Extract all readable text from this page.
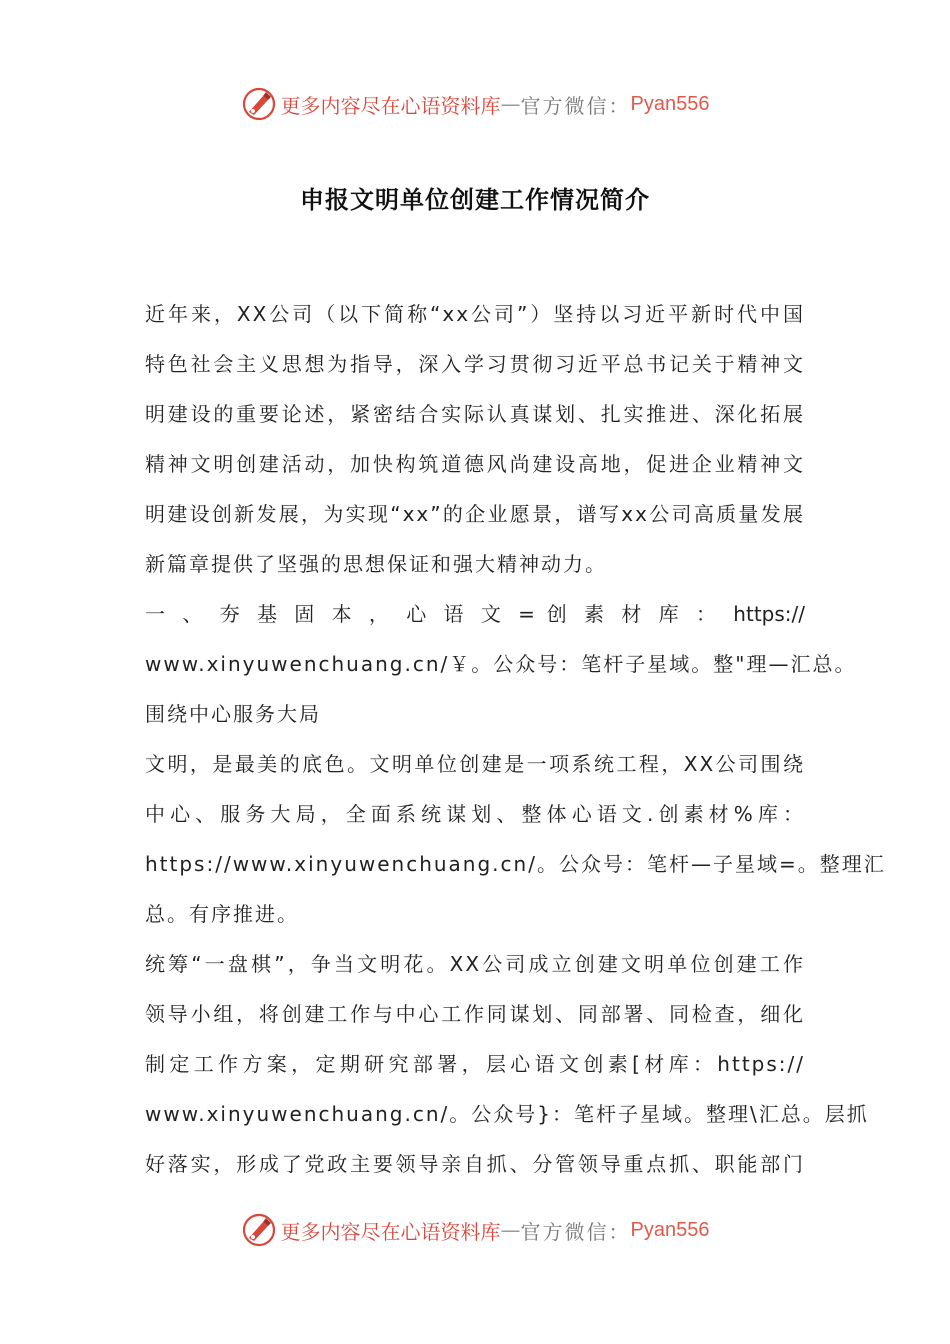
更多内容尽在心语资料库 — 官方微信： Pyan556
申报文明单位创建工作情况简介
近年来，XX公司（以下简称“xx公司”）坚持以习近平新时代中国
特色社会主义思想为指导，深入学习贯彻习近平总书记关于精神文
明建设的重要论述，紧密结合实际认真谋划、扎实推进、深化拓展
精神文明创建活动，加快构筑道德风尚建设高地，促进企业精神文
明建设创新发展，为实现“xx”的企业愿景，谱写xx公司高质量发展
新篇章提供了坚强的思想保证和强大精神动力。
一 、 夯 基 固 本 ， 心 语 文 = 创 素 材 库 ： https://
www.xinyuwenchuang.cn/￥。公众号：笔杆子星域。整"理—汇总。
围绕中心服务大局
文明，是最美的底色。文明单位创建是一项系统工程，XX公司围绕
中心、服务大局，全面系统谋划、整体心语文.创素材%库：
https://www.xinyuwenchuang.cn/。公众号：笔杆—子星域=。整理汇
总。有序推进。
统筹“一盘棋”，争当文明花。XX公司成立创建文明单位创建工作
领导小组，将创建工作与中心工作同谋划、同部署、同检查，细化
制定工作方案，定期研究部署，层心语文创素[材库：https://
www.xinyuwenchuang.cn/。公众号}：笔杆子星域。整理\汇总。层抓
好落实，形成了党政主要领导亲自抓、分管领导重点抓、职能部门
更多内容尽在心语资料库 — 官方微信： Pyan556
